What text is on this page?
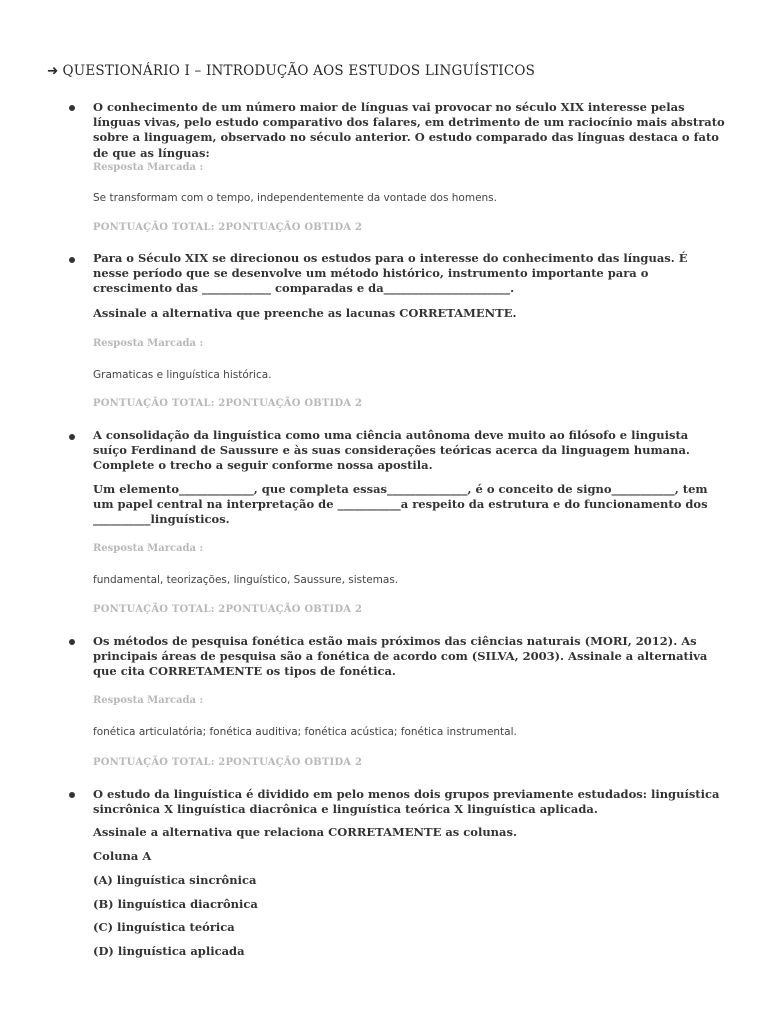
➜ QUESTIONÁRIO I – INTRODUÇÃO AOS ESTUDOS LINGUÍSTICOS

O conhecimento de um número maior de línguas vai provocar no século XIX interesse pelas línguas vivas, pelo estudo comparativo dos falares, em detrimento de um raciocínio mais abstrato sobre a linguagem, observado no século anterior. O estudo comparado das línguas destaca o fato de que as línguas:

Resposta Marcada :
Se transformam com o tempo, independentemente da vontade dos homens.
PONTUAÇÃO TOTAL: 2PONTUAÇÃO OBTIDA 2

Para o Século XIX se direcionou os estudos para o interesse do conhecimento das línguas. É nesse período que se desenvolve um método histórico, instrumento importante para o crescimento das ____________ comparadas e da______________________.

Assinale a alternativa que preenche as lacunas CORRETAMENTE.

Resposta Marcada :
Gramaticas e linguística histórica.
PONTUAÇÃO TOTAL: 2PONTUAÇÃO OBTIDA 2

A consolidação da linguística como uma ciência autônoma deve muito ao filósofo e linguista suíço Ferdinand de Saussure e às suas considerações teóricas acerca da linguagem humana. Complete o trecho a seguir conforme nossa apostila.

Um elemento_____________, que completa essas______________, é o conceito de signo___________, tem um papel central na interpretação de ___________a respeito da estrutura e do funcionamento dos __________linguísticos.

Resposta Marcada :
fundamental, teorizações, linguístico, Saussure, sistemas.
PONTUAÇÃO TOTAL: 2PONTUAÇÃO OBTIDA 2

Os métodos de pesquisa fonética estão mais próximos das ciências naturais (MORI, 2012). As principais áreas de pesquisa são a fonética de acordo com (SILVA, 2003). Assinale a alternativa que cita CORRETAMENTE os tipos de fonética.

Resposta Marcada :
fonética articulatória; fonética auditiva; fonética acústica; fonética instrumental.
PONTUAÇÃO TOTAL: 2PONTUAÇÃO OBTIDA 2

O estudo da linguística é dividido em pelo menos dois grupos previamente estudados: linguística sincrônica X linguística diacrônica e linguística teórica X linguística aplicada.

Assinale a alternativa que relaciona CORRETAMENTE as colunas.

Coluna A
(A) linguística sincrônica
(B) linguística diacrônica
(C) linguística teórica
(D) linguística aplicada
